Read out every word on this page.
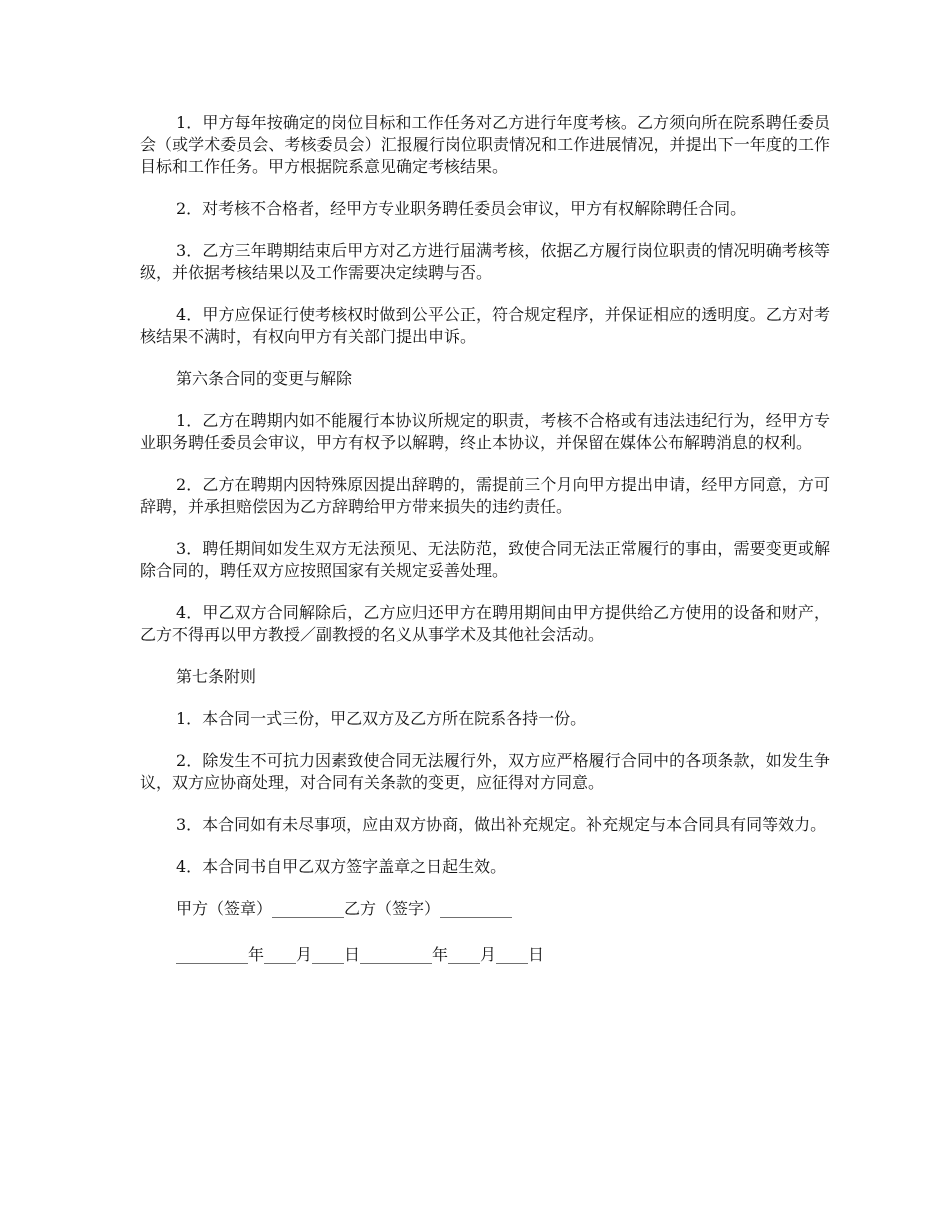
1．甲方每年按确定的岗位目标和工作任务对乙方进行年度考核。乙方须向所在院系聘任委员会（或学术委员会、考核委员会）汇报履行岗位职责情况和工作进展情况，并提出下一年度的工作目标和工作任务。甲方根据院系意见确定考核结果。

2．对考核不合格者，经甲方专业职务聘任委员会审议，甲方有权解除聘任合同。

3．乙方三年聘期结束后甲方对乙方进行届满考核，依据乙方履行岗位职责的情况明确考核等级，并依据考核结果以及工作需要决定续聘与否。

4．甲方应保证行使考核权时做到公平公正，符合规定程序，并保证相应的透明度。乙方对考核结果不满时，有权向甲方有关部门提出申诉。

第六条合同的变更与解除

1．乙方在聘期内如不能履行本协议所规定的职责，考核不合格或有违法违纪行为，经甲方专业职务聘任委员会审议，甲方有权予以解聘，终止本协议，并保留在媒体公布解聘消息的权利。

2．乙方在聘期内因特殊原因提出辞聘的，需提前三个月向甲方提出申请，经甲方同意，方可辞聘，并承担赔偿因为乙方辞聘给甲方带来损失的违约责任。

3．聘任期间如发生双方无法预见、无法防范，致使合同无法正常履行的事由，需要变更或解除合同的，聘任双方应按照国家有关规定妥善处理。

4．甲乙双方合同解除后，乙方应归还甲方在聘用期间由甲方提供给乙方使用的设备和财产，乙方不得再以甲方教授／副教授的名义从事学术及其他社会活动。

第七条附则

1．本合同一式三份，甲乙双方及乙方所在院系各持一份。

2．除发生不可抗力因素致使合同无法履行外，双方应严格履行合同中的各项条款，如发生争议，双方应协商处理，对合同有关条款的变更，应征得对方同意。

3．本合同如有未尽事项，应由双方协商，做出补充规定。补充规定与本合同具有同等效力。

4．本合同书自甲乙双方签字盖章之日起生效。

甲方（签章）_________乙方（签字）_________

_________年____月____日_________年____月____日
